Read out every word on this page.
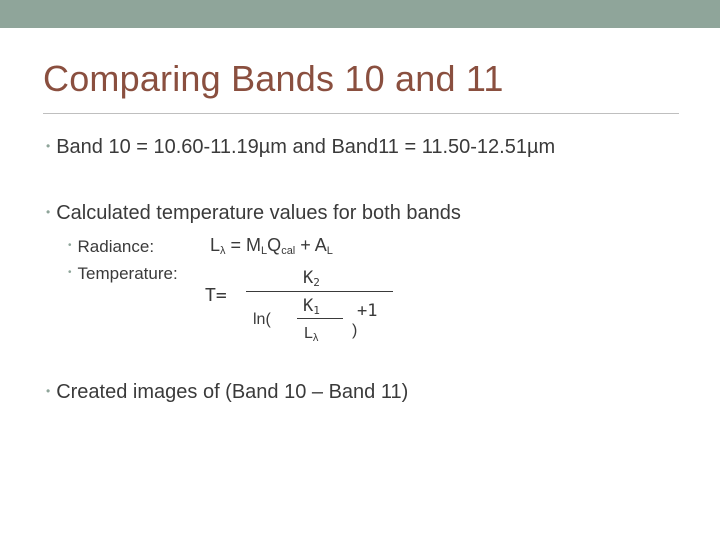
Comparing Bands 10 and 11
• Band 10 = 10.60-11.19µm and Band11 = 11.50-12.51µm
• Calculated temperature values for both bands
• Radiance:	Lλ = MLQcal + AL
• Temperature:
T=
K2
ln(
K1 +1
Lλ )
• Created images of (Band 10 – Band 11)
